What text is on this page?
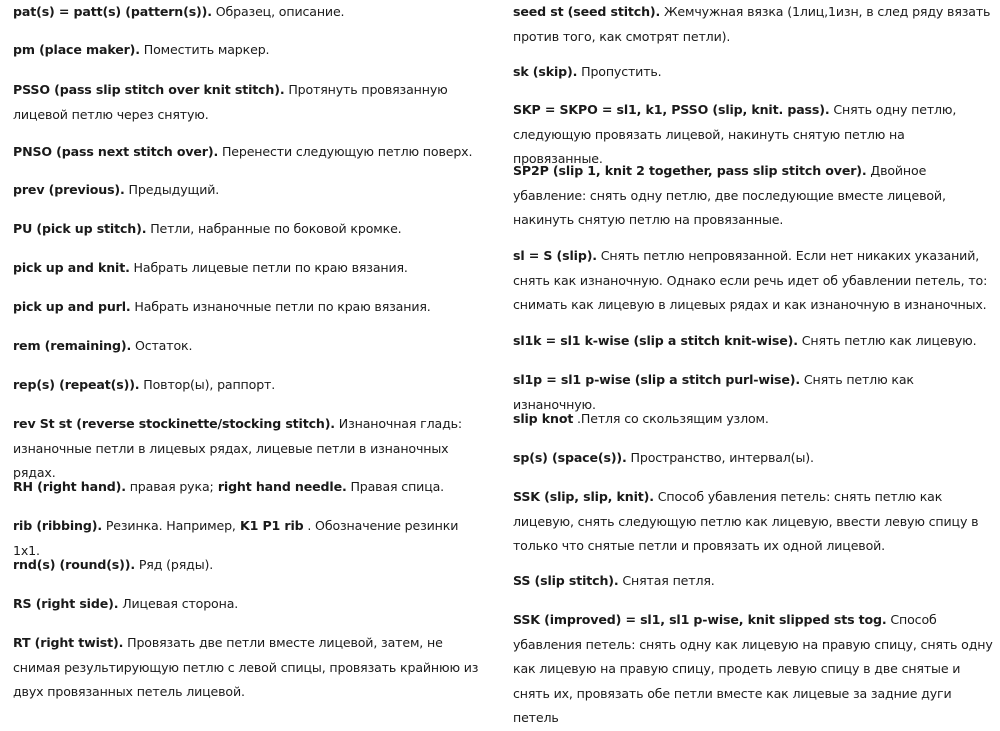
pat(s) = patt(s) (pattern(s)). Образец, описание.
pm (place maker). Поместить маркер.
PSSO (pass slip stitch over knit stitch). Протянуть провязанную лицевой петлю через снятую.
PNSO (pass next stitch over). Перенести следующую петлю поверх.
prev (previous). Предыдущий.
PU (pick up stitch). Петли, набранные по боковой кромке.
pick up and knit. Набрать лицевые петли по краю вязания.
pick up and purl. Набрать изнаночные петли по краю вязания.
rem (remaining). Остаток.
rep(s) (repeat(s)). Повтор(ы), раппорт.
rev St st (reverse stockinette/stocking stitch). Изнаночная гладь: изнаночные петли в лицевых рядах, лицевые петли в изнаночных рядах.
RH (right hand). правая рука; right hand needle. Правая спица.
rib (ribbing). Резинка. Например, K1 P1 rib . Обозначение резинки 1х1.
rnd(s) (round(s)). Ряд (ряды).
RS (right side). Лицевая сторона.
RT (right twist). Провязать две петли вместе лицевой, затем, не снимая результирующую петлю с левой спицы, провязать крайнюю из двух провязанных петель лицевой.
seed st (seed stitch). Жемчужная вязка (1лиц,1изн, в след ряду вязать против того, как смотрят петли).
sk (skip). Пропустить.
SKP = SKPO = sl1, k1, PSSO (slip, knit. pass). Снять одну петлю, следующую провязать лицевой, накинуть снятую петлю на провязанные.
SP2P (slip 1, knit 2 together, pass slip stitch over). Двойное убавление: снять одну петлю, две последующие вместе лицевой, накинуть снятую петлю на провязанные.
sl = S (slip). Снять петлю непровязанной. Если нет никаких указаний, снять как изнаночную. Однако если речь идет об убавлении петель, то: снимать как лицевую в лицевых рядах и как изнаночную в изнаночных.
sl1k = sl1 k-wise (slip a stitch knit-wise). Снять петлю как лицевую.
sl1p = sl1 p-wise (slip a stitch purl-wise). Снять петлю как изнаночную.
slip knot .Петля со скользящим узлом.
sp(s) (space(s)). Пространство, интервал(ы).
SSK (slip, slip, knit). Способ убавления петель: снять петлю как лицевую, снять следующую петлю как лицевую, ввести левую спицу в только что снятые петли и провязать их одной лицевой.
SS (slip stitch). Снятая петля.
SSK (improved) = sl1, sl1 p-wise, knit slipped sts tog. Способ убавления петель: снять одну как лицевую на правую спицу, снять одну как лицевую на правую спицу, продеть левую спицу в две снятые и снять их, провязать обе петли вместе как лицевые за задние дуги петель
